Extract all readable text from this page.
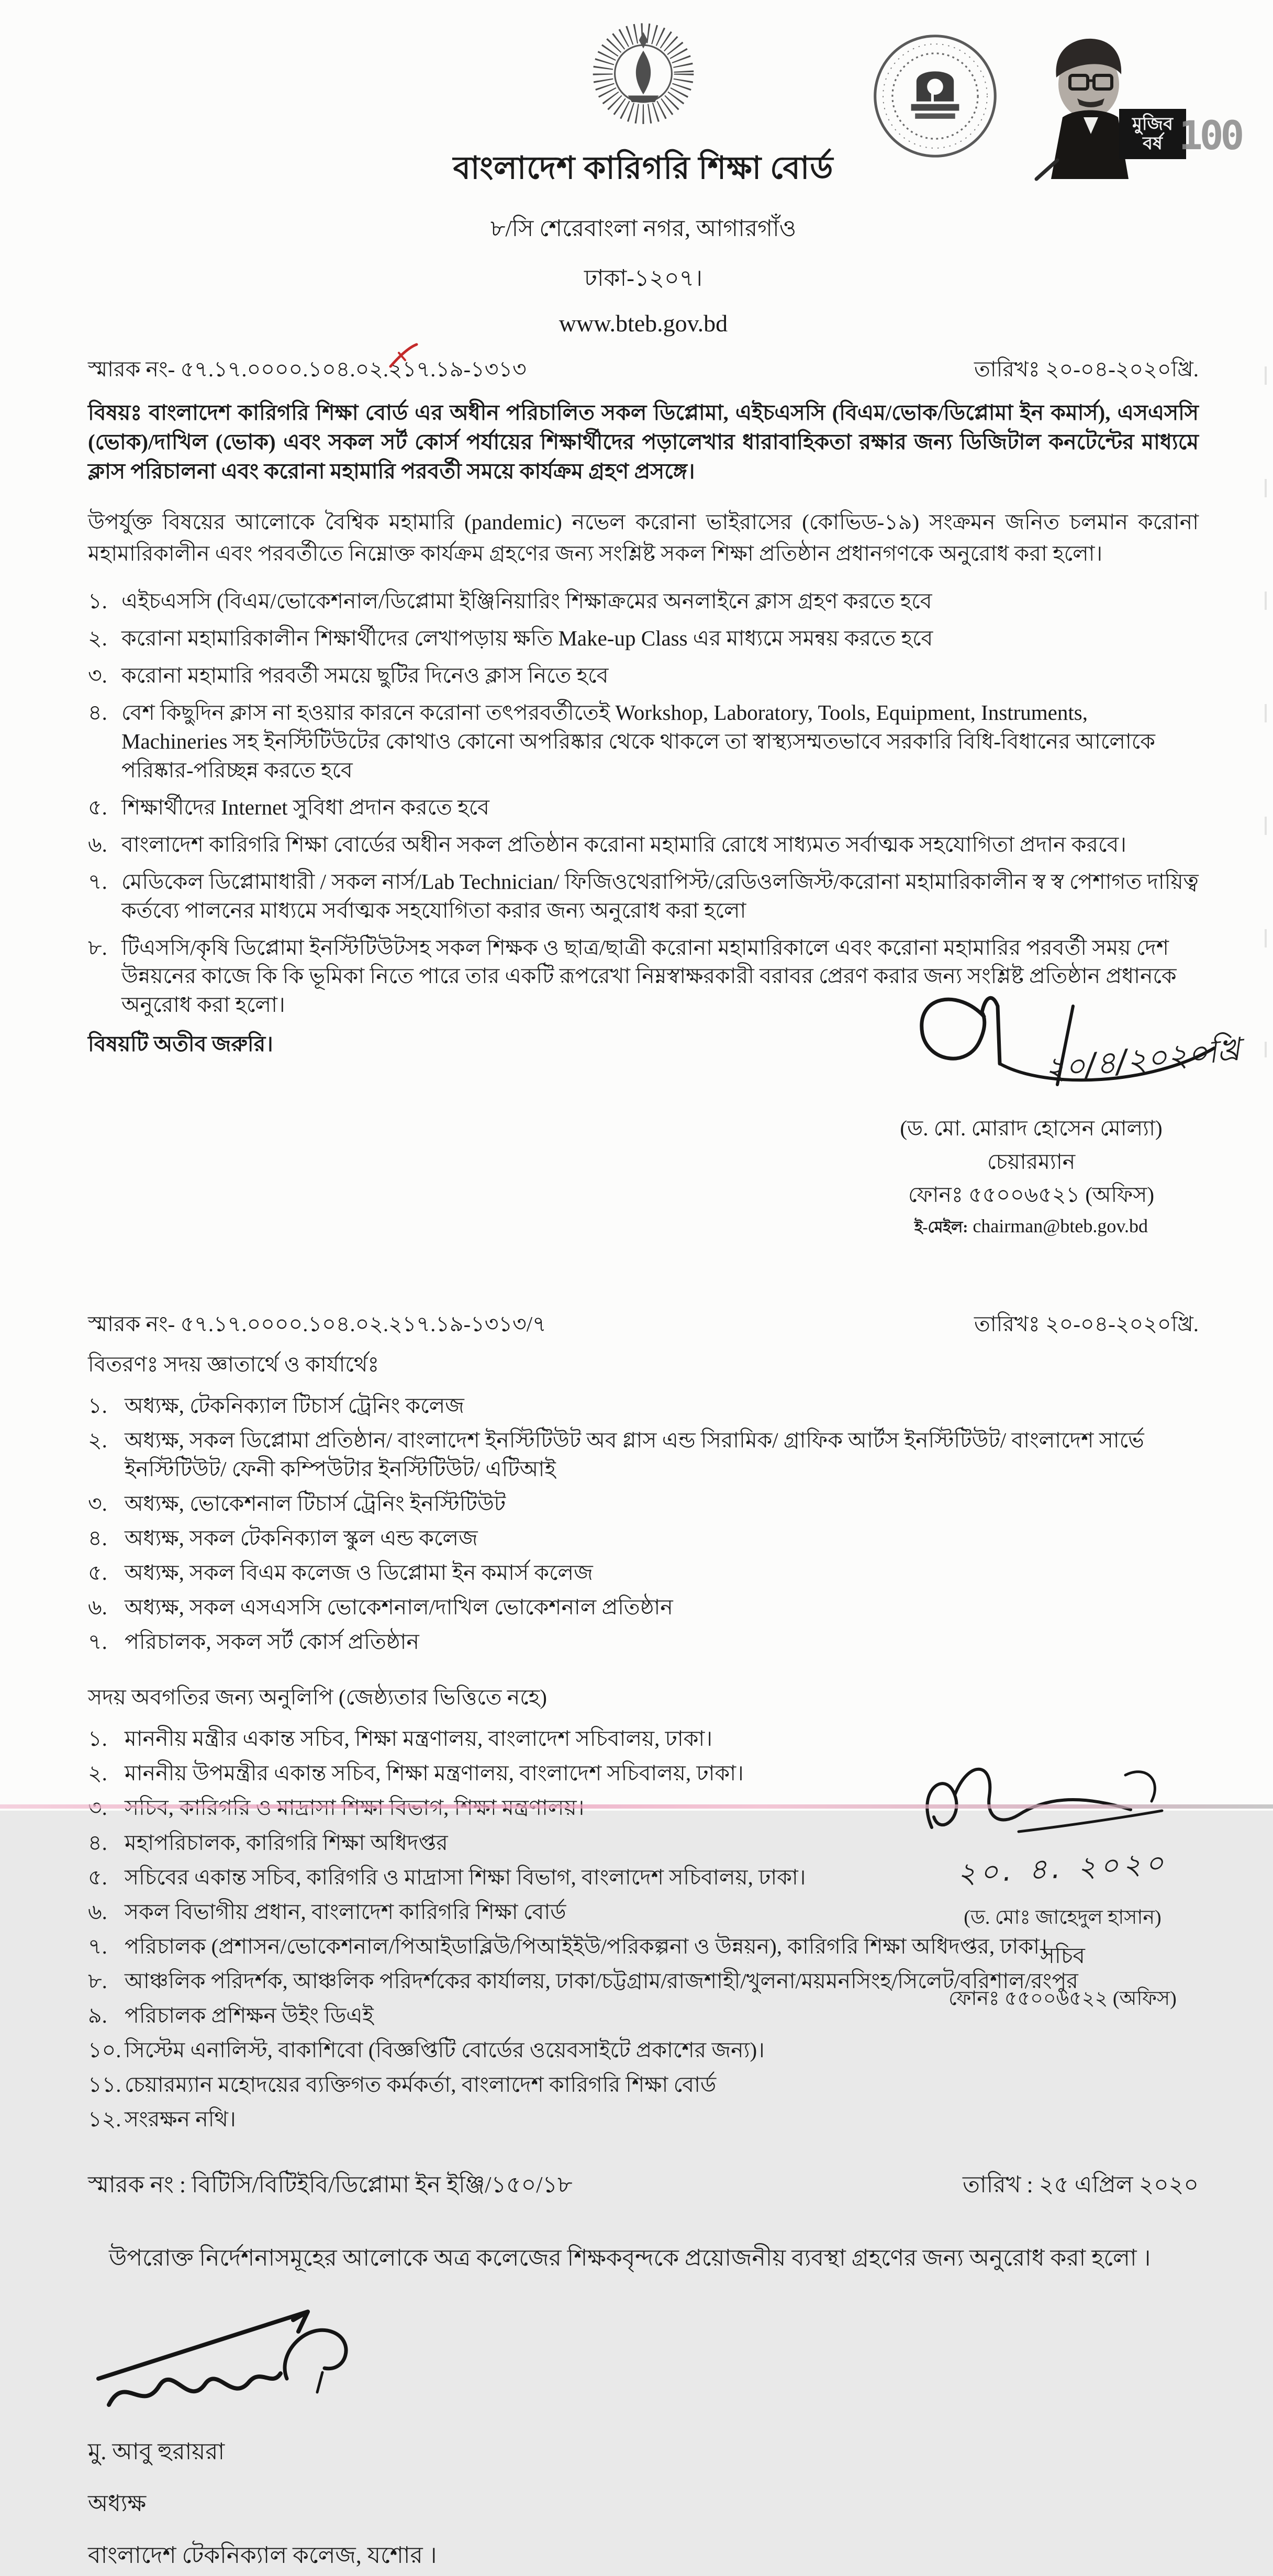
মুজিব
বর্ষ 100
বাংলাদেশ কারিগরি শিক্ষা বোর্ড
৮/সি শেরেবাংলা নগর, আগারগাঁও
ঢাকা-১২০৭।
www.bteb.gov.bd
স্মারক নং- ৫৭.১৭.০০০০.১০৪.০২.২১৭.১৯-১৩১৩	তারিখঃ ২০-০৪-২০২০খ্রি.
বিষয়ঃ বাংলাদেশ কারিগরি শিক্ষা বোর্ড এর অধীন পরিচালিত সকল ডিপ্লোমা, এইচএসসি (বিএম/ভোক/ডিপ্লোমা ইন কমার্স), এসএসসি (ভোক)/দাখিল (ভোক) এবং সকল সর্ট কোর্স পর্যায়ের শিক্ষার্থীদের পড়ালেখার ধারাবাহিকতা রক্ষার জন্য ডিজিটাল কনটেন্টের মাধ্যমে ক্লাস পরিচালনা এবং করোনা মহামারি পরবর্তী সময়ে কার্যক্রম গ্রহণ প্রসঙ্গে।
উপর্যুক্ত বিষয়ের আলোকে বৈশ্বিক মহামারি (pandemic) নভেল করোনা ভাইরাসের (কোভিড-১৯) সংক্রমন জনিত চলমান করোনা মহামারিকালীন এবং পরবর্তীতে নিম্নোক্ত কার্যক্রম গ্রহণের জন্য সংশ্লিষ্ট সকল শিক্ষা প্রতিষ্ঠান প্রধানগণকে অনুরোধ করা হলো।
১. এইচএসসি (বিএম/ভোকেশনাল/ডিপ্লোমা ইঞ্জিনিয়ারিং শিক্ষাক্রমের অনলাইনে ক্লাস গ্রহণ করতে হবে
২. করোনা মহামারিকালীন শিক্ষার্থীদের লেখাপড়ায় ক্ষতি Make-up Class এর মাধ্যমে সমন্বয় করতে হবে
৩. করোনা মহামারি পরবর্তী সময়ে ছুটির দিনেও ক্লাস নিতে হবে
৪. বেশ কিছুদিন ক্লাস না হওয়ার কারনে করোনা তৎপরবর্তীতেই Workshop, Laboratory, Tools, Equipment, Instruments, Machineries সহ ইনস্টিটিউটের কোথাও কোনো অপরিষ্কার থেকে থাকলে তা স্বাস্থ্যসম্মতভাবে সরকারি বিধি-বিধানের আলোকে পরিষ্কার-পরিচ্ছন্ন করতে হবে
৫. শিক্ষার্থীদের Internet সুবিধা প্রদান করতে হবে
৬. বাংলাদেশ কারিগরি শিক্ষা বোর্ডের অধীন সকল প্রতিষ্ঠান করোনা মহামারি রোধে সাধ্যমত সর্বাত্মক সহযোগিতা প্রদান করবে।
৭. মেডিকেল ডিপ্লোমাধারী / সকল নার্স/Lab Technician/ ফিজিওথেরাপিস্ট/রেডিওলজিস্ট/করোনা মহামারিকালীন স্ব স্ব পেশাগত দায়িত্ব কর্তব্যে পালনের মাধ্যমে সর্বাত্মক সহযোগিতা করার জন্য অনুরোধ করা হলো
৮. টিএসসি/কৃষি ডিপ্লোমা ইনস্টিটিউটসহ সকল শিক্ষক ও ছাত্র/ছাত্রী করোনা মহামারিকালে এবং করোনা মহামারির পরবর্তী সময় দেশ উন্নয়নের কাজে কি কি ভূমিকা নিতে পারে তার একটি রূপরেখা নিম্নস্বাক্ষরকারী বরাবর প্রেরণ করার জন্য সংশ্লিষ্ট প্রতিষ্ঠান প্রধানকে অনুরোধ করা হলো।
বিষয়টি অতীব জরুরি।	২০/৪/২০২০খ্রি
(ড. মো. মোরাদ হোসেন মোল্যা)
চেয়ারম্যান
ফোনঃ ৫৫০০৬৫২১ (অফিস)
ই-মেইল: chairman@bteb.gov.bd
স্মারক নং- ৫৭.১৭.০০০০.১০৪.০২.২১৭.১৯-১৩১৩/৭	তারিখঃ ২০-০৪-২০২০খ্রি.
বিতরণঃ সদয় জ্ঞাতার্থে ও কার্যার্থেঃ
১. অধ্যক্ষ, টেকনিক্যাল টিচার্স ট্রেনিং কলেজ
২. অধ্যক্ষ, সকল ডিপ্লোমা প্রতিষ্ঠান/ বাংলাদেশ ইনস্টিটিউট অব গ্লাস এন্ড সিরামিক/ গ্রাফিক আর্টস ইনস্টিটিউট/ বাংলাদেশ সার্ভে ইনস্টিটিউট/ ফেনী কম্পিউটার ইনস্টিটিউট/ এটিআই
৩. অধ্যক্ষ, ভোকেশনাল টিচার্স ট্রেনিং ইনস্টিটিউট
৪. অধ্যক্ষ, সকল টেকনিক্যাল স্কুল এন্ড কলেজ
৫. অধ্যক্ষ, সকল বিএম কলেজ ও ডিপ্লোমা ইন কমার্স কলেজ
৬. অধ্যক্ষ, সকল এসএসসি ভোকেশনাল/দাখিল ভোকেশনাল প্রতিষ্ঠান
৭. পরিচালক, সকল সর্ট কোর্স প্রতিষ্ঠান
সদয় অবগতির জন্য অনুলিপি (জেষ্ঠ্যতার ভিত্তিতে নহে)
১. মাননীয় মন্ত্রীর একান্ত সচিব, শিক্ষা মন্ত্রণালয়, বাংলাদেশ সচিবালয়, ঢাকা।
২. মাননীয় উপমন্ত্রীর একান্ত সচিব, শিক্ষা মন্ত্রণালয়, বাংলাদেশ সচিবালয়, ঢাকা।
৪. মহাপরিচালক, কারিগরি শিক্ষা অধিদপ্তর
৫. সচিবের একান্ত সচিব, কারিগরি ও মাদ্রাসা শিক্ষা বিভাগ, বাংলাদেশ সচিবালয়, ঢাকা।
৬. সকল বিভাগীয় প্রধান, বাংলাদেশ কারিগরি শিক্ষা বোর্ড
৭. পরিচালক (প্রশাসন/ভোকেশনাল/পিআইডাব্লিউ/পিআইইউ/পরিকল্পনা ও উন্নয়ন), কারিগরি শিক্ষা অধিদপ্তর, ঢাকা।
৮. আঞ্চলিক পরিদর্শক, আঞ্চলিক পরিদর্শকের কার্যালয়, ঢাকা/চট্টগ্রাম/রাজশাহী/খুলনা/ময়মনসিংহ/সিলেট/বরিশাল/রংপুর
৯. পরিচালক প্রশিক্ষন উইং ডিএই
১০. সিস্টেম এনালিস্ট, বাকাশিবো (বিজ্ঞপ্তিটি বোর্ডের ওয়েবসাইটে প্রকাশের জন্য)।
১১. চেয়ারম্যান মহোদয়ের ব্যক্তিগত কর্মকর্তা, বাংলাদেশ কারিগরি শিক্ষা বোর্ড
১২. সংরক্ষন নথি।
২০. ৪. ২০২০
(ড. মোঃ জাহেদুল হাসান)
সচিব
ফোনঃ ৫৫০০৬৫২২ (অফিস)
স্মারক নং : বিটিসি/বিটিইবি/ডিপ্লোমা ইন ইঞ্জি/১৫০/১৮	তারিখ : ২৫ এপ্রিল ২০২০
উপরোক্ত নির্দেশনাসমূহের আলোকে অত্র কলেজের শিক্ষকবৃন্দকে প্রয়োজনীয় ব্যবস্থা গ্রহণের জন্য অনুরোধ করা হলো ।
মু. আবু হুরায়রা
অধ্যক্ষ
বাংলাদেশ টেকনিক্যাল কলেজ, যশোর ।
